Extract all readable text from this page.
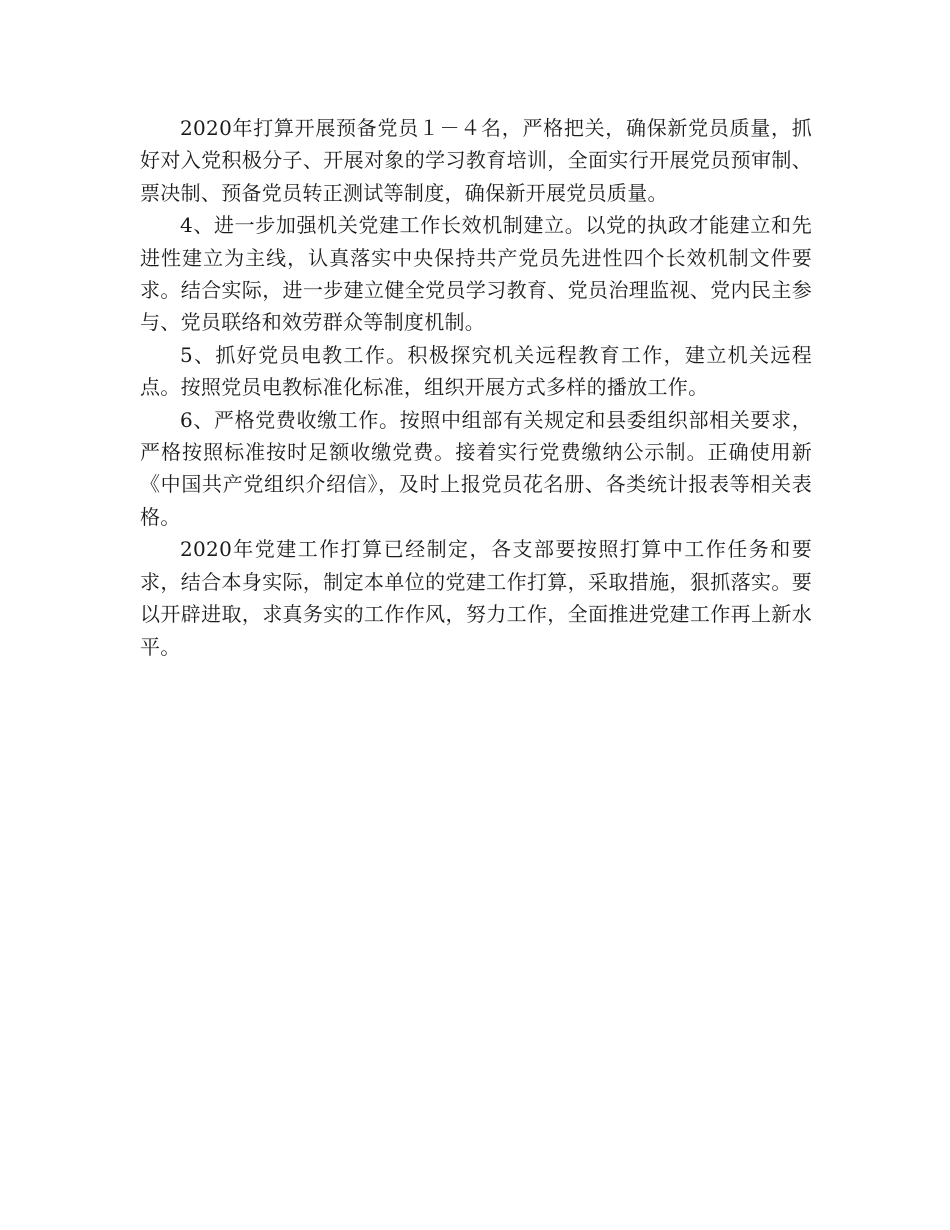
2020年打算开展预备党员１－４名，严格把关，确保新党员质量，抓好对入党积极分子、开展对象的学习教育培训，全面实行开展党员预审制、票决制、预备党员转正测试等制度，确保新开展党员质量。

4、进一步加强机关党建工作长效机制建立。以党的执政才能建立和先进性建立为主线，认真落实中央保持共产党员先进性四个长效机制文件要求。结合实际，进一步建立健全党员学习教育、党员治理监视、党内民主参与、党员联络和效劳群众等制度机制。

5、抓好党员电教工作。积极探究机关远程教育工作，建立机关远程点。按照党员电教标准化标准，组织开展方式多样的播放工作。

6、严格党费收缴工作。按照中组部有关规定和县委组织部相关要求，严格按照标准按时足额收缴党费。接着实行党费缴纳公示制。正确使用新《中国共产党组织介绍信》，及时上报党员花名册、各类统计报表等相关表格。

2020年党建工作打算已经制定，各支部要按照打算中工作任务和要求，结合本身实际，制定本单位的党建工作打算，采取措施，狠抓落实。要以开辟进取，求真务实的工作作风，努力工作，全面推进党建工作再上新水平。
